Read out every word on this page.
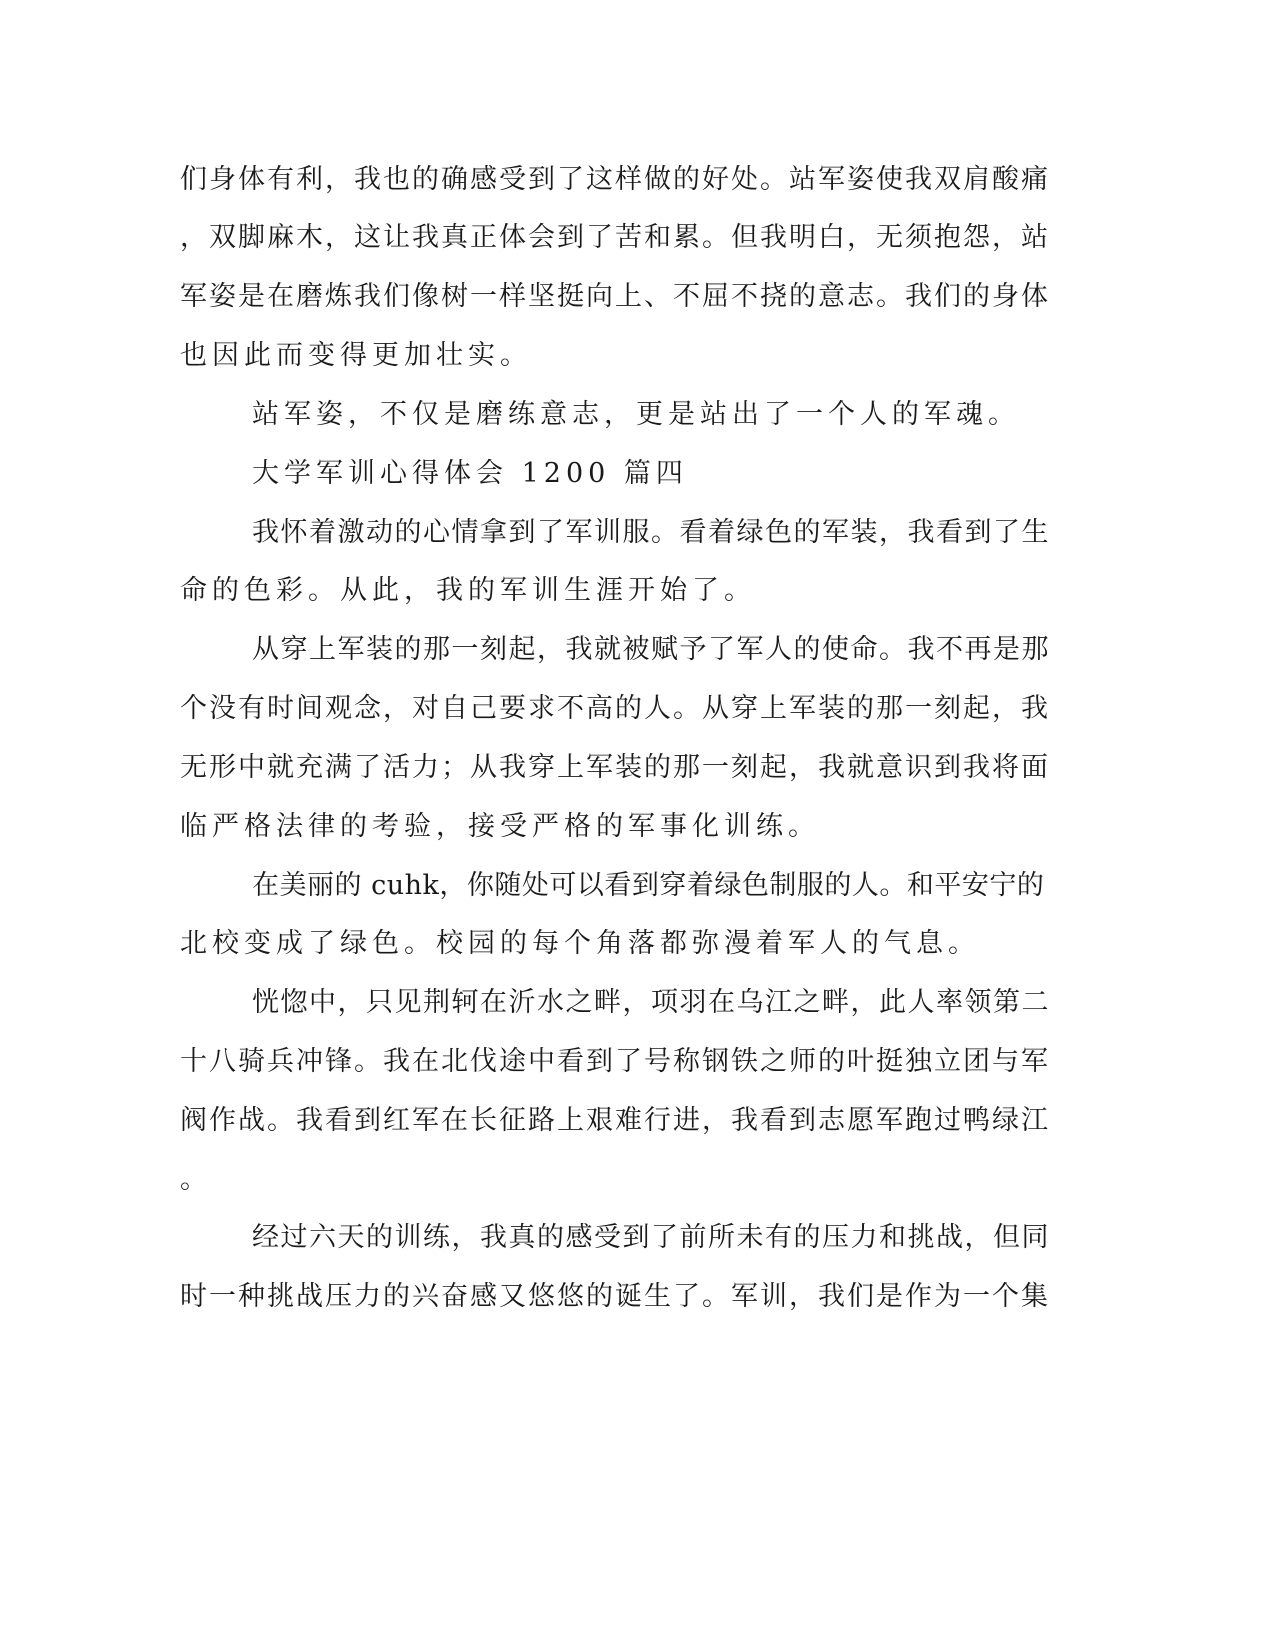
们身体有利，我也的确感受到了这样做的好处。站军姿使我双肩酸痛

，双脚麻木，这让我真正体会到了苦和累。但我明白，无须抱怨，站

军姿是在磨炼我们像树一样坚挺向上、不屈不挠的意志。我们的身体

也因此而变得更加壮实。

站军姿，不仅是磨练意志，更是站出了一个人的军魂。

大学军训心得体会 1200 篇四

我怀着激动的心情拿到了军训服。看着绿色的军装，我看到了生

命的色彩。从此，我的军训生涯开始了。

从穿上军装的那一刻起，我就被赋予了军人的使命。我不再是那

个没有时间观念，对自己要求不高的人。从穿上军装的那一刻起，我

无形中就充满了活力；从我穿上军装的那一刻起，我就意识到我将面

临严格法律的考验，接受严格的军事化训练。

在美丽的 cuhk，你随处可以看到穿着绿色制服的人。和平安宁的

北校变成了绿色。校园的每个角落都弥漫着军人的气息。

恍惚中，只见荆轲在沂水之畔，项羽在乌江之畔，此人率领第二

十八骑兵冲锋。我在北伐途中看到了号称钢铁之师的叶挺独立团与军

阀作战。我看到红军在长征路上艰难行进，我看到志愿军跑过鸭绿江

。

经过六天的训练，我真的感受到了前所未有的压力和挑战，但同

时一种挑战压力的兴奋感又悠悠的诞生了。军训，我们是作为一个集
